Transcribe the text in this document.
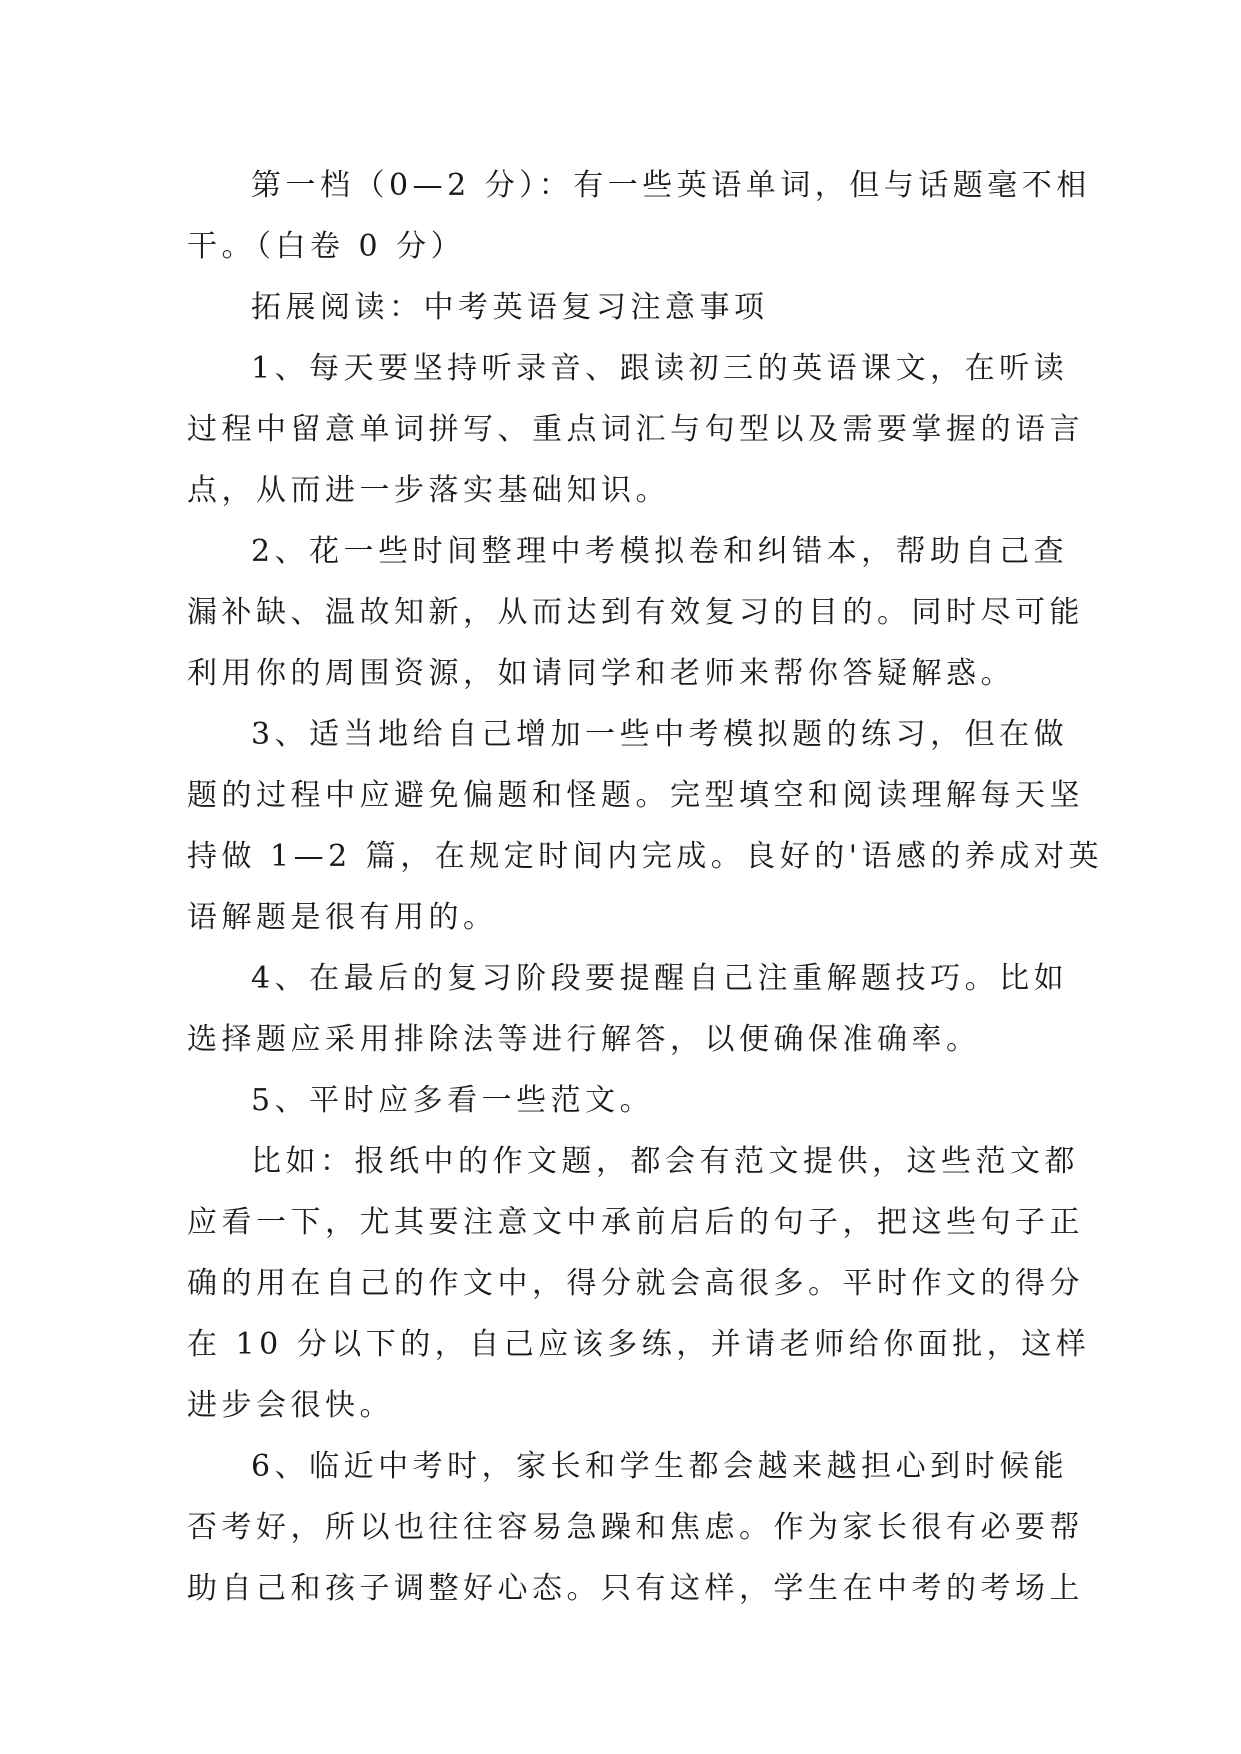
第一档（0—2 分）：有一些英语单词，但与话题毫不相
干。（白卷 0 分）
拓展阅读：中考英语复习注意事项
1、每天要坚持听录音、跟读初三的英语课文，在听读
过程中留意单词拼写、重点词汇与句型以及需要掌握的语言
点，从而进一步落实基础知识。
2、花一些时间整理中考模拟卷和纠错本，帮助自己查
漏补缺、温故知新，从而达到有效复习的目的。同时尽可能
利用你的周围资源，如请同学和老师来帮你答疑解惑。
3、适当地给自己增加一些中考模拟题的练习，但在做
题的过程中应避免偏题和怪题。完型填空和阅读理解每天坚
持做 1—2 篇，在规定时间内完成。良好的'语感的养成对英
语解题是很有用的。
4、在最后的复习阶段要提醒自己注重解题技巧。比如
选择题应采用排除法等进行解答，以便确保准确率。
5、平时应多看一些范文。
比如：报纸中的作文题，都会有范文提供，这些范文都
应看一下，尤其要注意文中承前启后的句子，把这些句子正
确的用在自己的作文中，得分就会高很多。平时作文的得分
在 10 分以下的，自己应该多练，并请老师给你面批，这样
进步会很快。
6、临近中考时，家长和学生都会越来越担心到时候能
否考好，所以也往往容易急躁和焦虑。作为家长很有必要帮
助自己和孩子调整好心态。只有这样，学生在中考的考场上
